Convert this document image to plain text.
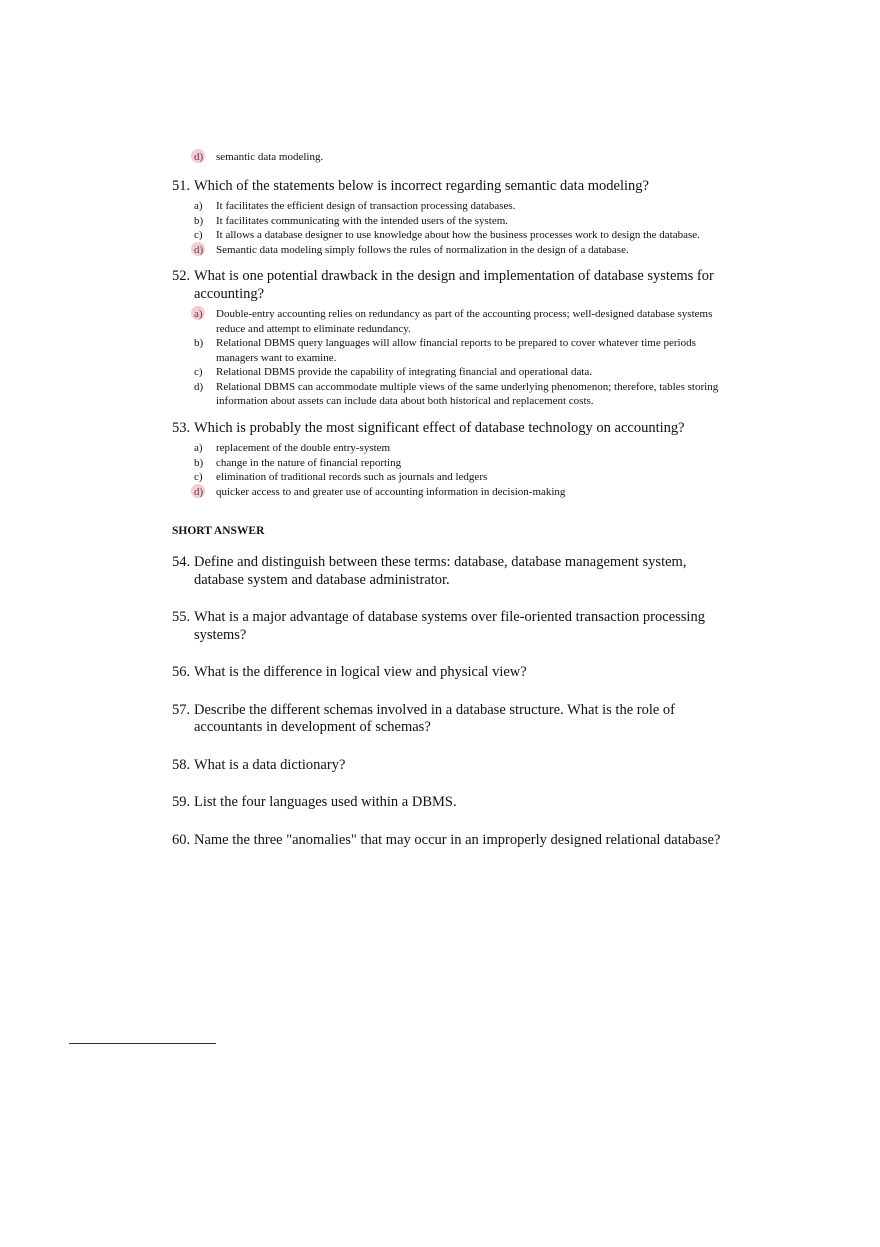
d) semantic data modeling.
51. Which of the statements below is incorrect regarding semantic data modeling?
a) It facilitates the efficient design of transaction processing databases.
b) It facilitates communicating with the intended users of the system.
c) It allows a database designer to use knowledge about how the business processes work to design the database.
d) Semantic data modeling simply follows the rules of normalization in the design of a database.
52. What is one potential drawback in the design and implementation of database systems for accounting?
a) Double-entry accounting relies on redundancy as part of the accounting process; well-designed database systems reduce and attempt to eliminate redundancy.
b) Relational DBMS query languages will allow financial reports to be prepared to cover whatever time periods managers want to examine.
c) Relational DBMS provide the capability of integrating financial and operational data.
d) Relational DBMS can accommodate multiple views of the same underlying phenomenon; therefore, tables storing information about assets can include data about both historical and replacement costs.
53. Which is probably the most significant effect of database technology on accounting?
a) replacement of the double entry-system
b) change in the nature of financial reporting
c) elimination of traditional records such as journals and ledgers
d) quicker access to and greater use of accounting information in decision-making
SHORT ANSWER
54. Define and distinguish between these terms: database, database management system, database system and database administrator.
55. What is a major advantage of database systems over file-oriented transaction processing systems?
56. What is the difference in logical view and physical view?
57. Describe the different schemas involved in a database structure. What is the role of accountants in development of schemas?
58. What is a data dictionary?
59. List the four languages used within a DBMS.
60. Name the three "anomalies" that may occur in an improperly designed relational database?
